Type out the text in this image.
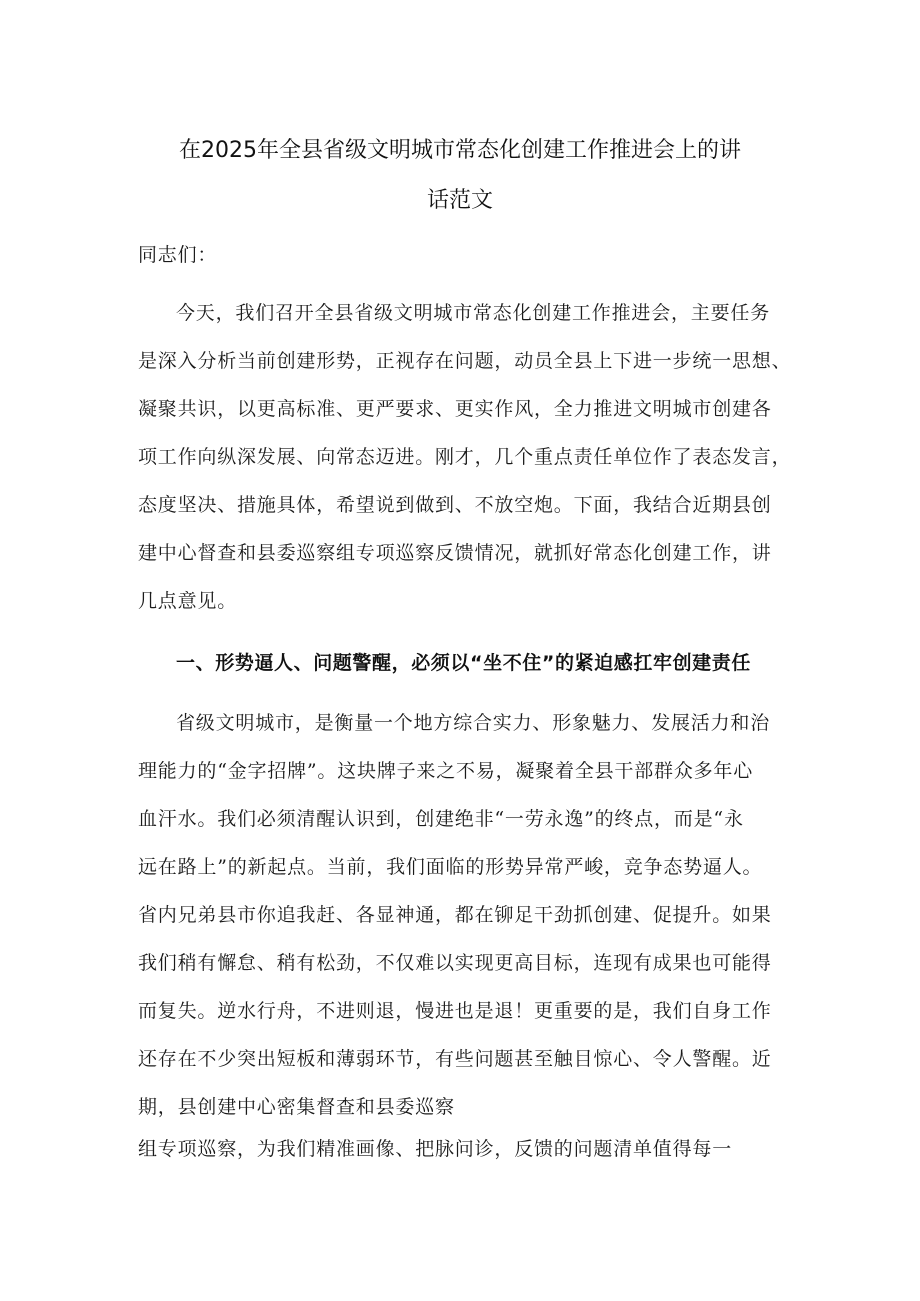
在2025年全县省级文明城市常态化创建工作推进会上的讲
话范文
同志们：
今天，我们召开全县省级文明城市常态化创建工作推进会，主要任务
是深入分析当前创建形势，正视存在问题，动员全县上下进一步统一思想、
凝聚共识，以更高标准、更严要求、更实作风，全力推进文明城市创建各
项工作向纵深发展、向常态迈进。刚才，几个重点责任单位作了表态发言，
态度坚决、措施具体，希望说到做到、不放空炮。下面，我结合近期县创
建中心督查和县委巡察组专项巡察反馈情况，就抓好常态化创建工作，讲
几点意见。
一、形势逼人、问题警醒，必须以“坐不住”的紧迫感扛牢创建责任
省级文明城市，是衡量一个地方综合实力、形象魅力、发展活力和治
理能力的“金字招牌”。这块牌子来之不易，凝聚着全县干部群众多年心
血汗水。我们必须清醒认识到，创建绝非“一劳永逸”的终点，而是“永
远在路上”的新起点。当前，我们面临的形势异常严峻，竞争态势逼人。
省内兄弟县市你追我赶、各显神通，都在铆足干劲抓创建、促提升。如果
我们稍有懈怠、稍有松劲，不仅难以实现更高目标，连现有成果也可能得
而复失。逆水行舟，不进则退，慢进也是退！更重要的是，我们自身工作
还存在不少突出短板和薄弱环节，有些问题甚至触目惊心、令人警醒。近
期，县创建中心密集督查和县委巡察
组专项巡察，为我们精准画像、把脉问诊，反馈的问题清单值得每一
